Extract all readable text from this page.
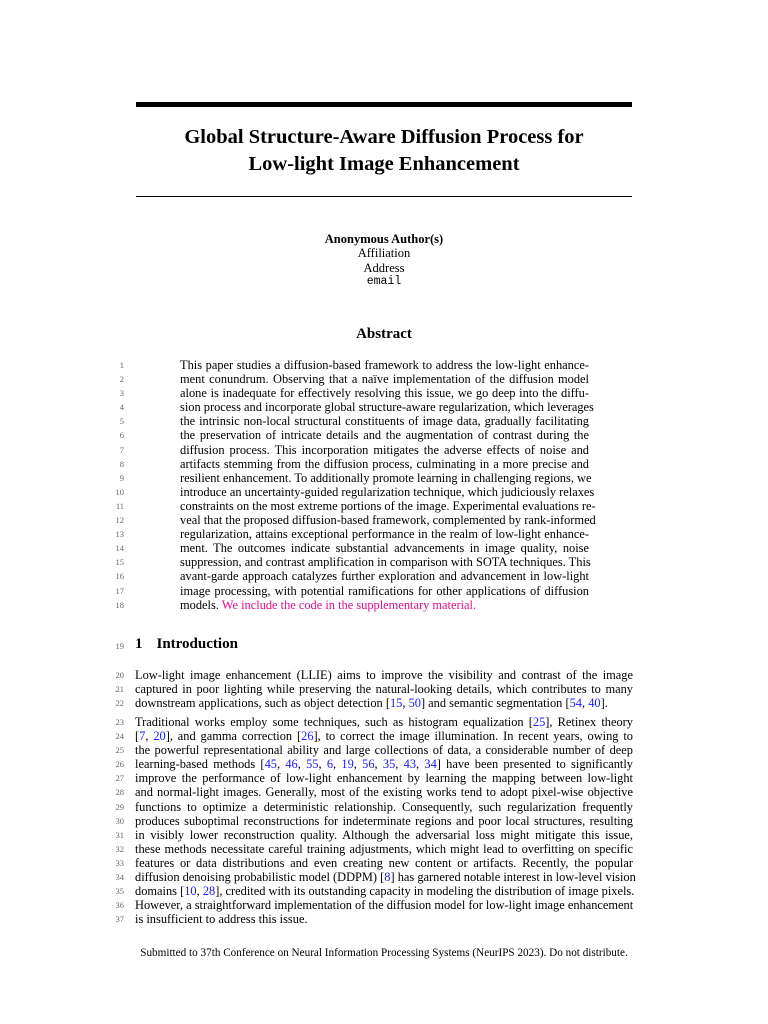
Global Structure-Aware Diffusion Process for
Low-light Image Enhancement
Anonymous Author(s)
Affiliation
Address
email
Abstract
1	This paper studies a diffusion-based framework to address the low-light enhance-
2	ment conundrum. Observing that a naïve implementation of the diffusion model
3	alone is inadequate for effectively resolving this issue, we go deep into the diffu-
4	sion process and incorporate global structure-aware regularization, which leverages
5	the intrinsic non-local structural constituents of image data, gradually facilitating
6	the preservation of intricate details and the augmentation of contrast during the
7	diffusion process. This incorporation mitigates the adverse effects of noise and
8	artifacts stemming from the diffusion process, culminating in a more precise and
9	resilient enhancement. To additionally promote learning in challenging regions, we
10	introduce an uncertainty-guided regularization technique, which judiciously relaxes
11	constraints on the most extreme portions of the image. Experimental evaluations re-
12	veal that the proposed diffusion-based framework, complemented by rank-informed
13	regularization, attains exceptional performance in the realm of low-light enhance-
14	ment. The outcomes indicate substantial advancements in image quality, noise
15	suppression, and contrast amplification in comparison with SOTA techniques. This
16	avant-garde approach catalyzes further exploration and advancement in low-light
17	image processing, with potential ramifications for other applications of diffusion
18	models. We include the code in the supplementary material.
19 1 Introduction
20 Low-light image enhancement (LLIE) aims to improve the visibility and contrast of the image
21 captured in poor lighting while preserving the natural-looking details, which contributes to many
22 downstream applications, such as object detection [15, 50] and semantic segmentation [54, 40].
23 Traditional works employ some techniques, such as histogram equalization [25], Retinex theory
24 [7, 20], and gamma correction [26], to correct the image illumination. In recent years, owing to
25 the powerful representational ability and large collections of data, a considerable number of deep
26 learning-based methods [45, 46, 55, 6, 19, 56, 35, 43, 34] have been presented to significantly
27 improve the performance of low-light enhancement by learning the mapping between low-light
28 and normal-light images. Generally, most of the existing works tend to adopt pixel-wise objective
29 functions to optimize a deterministic relationship. Consequently, such regularization frequently
30 produces suboptimal reconstructions for indeterminate regions and poor local structures, resulting
31 in visibly lower reconstruction quality. Although the adversarial loss might mitigate this issue,
32 these methods necessitate careful training adjustments, which might lead to overfitting on specific
33 features or data distributions and even creating new content or artifacts. Recently, the popular
34 diffusion denoising probabilistic model (DDPM) [8] has garnered notable interest in low-level vision
35 domains [10, 28], credited with its outstanding capacity in modeling the distribution of image pixels.
36 However, a straightforward implementation of the diffusion model for low-light image enhancement
37 is insufficient to address this issue.
Submitted to 37th Conference on Neural Information Processing Systems (NeurIPS 2023). Do not distribute.
